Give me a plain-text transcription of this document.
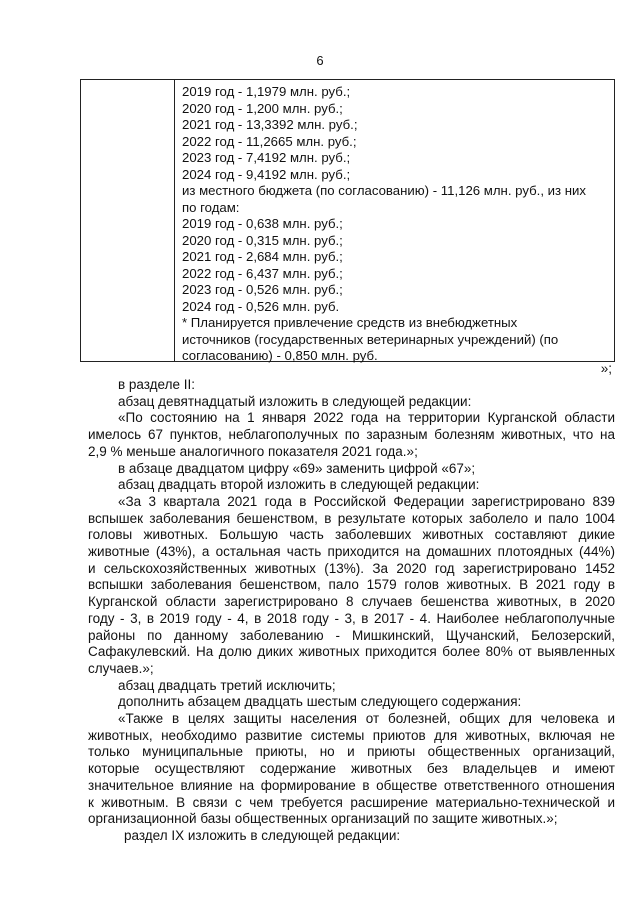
6
2019 год - 1,1979 млн. руб.;
2020 год - 1,200 млн. руб.;
2021 год - 13,3392 млн. руб.;
2022 год - 11,2665 млн. руб.;
2023 год - 7,4192 млн. руб.;
2024 год - 9,4192 млн. руб.;
из местного бюджета (по согласованию) - 11,126 млн. руб., из них
по годам:
2019 год - 0,638 млн. руб.;
2020 год - 0,315 млн. руб.;
2021 год - 2,684 млн. руб.;
2022 год - 6,437 млн. руб.;
2023 год - 0,526 млн. руб.;
2024 год - 0,526 млн. руб.
* Планируется привлечение средств из внебюджетных
источников (государственных ветеринарных учреждений) (по
согласованию) - 0,850 млн. руб.
»;
в разделе II:
абзац девятнадцатый изложить в следующей редакции:
«По состоянию на 1 января 2022 года на территории Курганской области
имелось 67 пунктов, неблагополучных по заразным болезням животных, что на
2,9 % меньше аналогичного показателя 2021 года.»;
в абзаце двадцатом цифру «69» заменить цифрой «67»;
абзац двадцать второй изложить в следующей редакции:
«За 3 квартала 2021 года в Российской Федерации зарегистрировано 839
вспышек заболевания бешенством, в результате которых заболело и пало 1004
головы животных. Большую часть заболевших животных составляют дикие
животные (43%), а остальная часть приходится на домашних плотоядных (44%)
и сельскохозяйственных животных (13%). За 2020 год зарегистрировано 1452
вспышки заболевания бешенством, пало 1579 голов животных. В 2021 году в
Курганской области зарегистрировано 8 случаев бешенства животных, в 2020
году - 3, в 2019 году - 4, в 2018 году - 3, в 2017 - 4. Наиболее неблагополучные
районы по данному заболеванию - Мишкинский, Щучанский, Белозерский,
Сафакулевский. На долю диких животных приходится более 80% от выявленных
случаев.»;
абзац двадцать третий исключить;
дополнить абзацем двадцать шестым следующего содержания:
«Также в целях защиты населения от болезней, общих для человека и
животных, необходимо развитие системы приютов для животных, включая не
только муниципальные приюты, но и приюты общественных организаций,
которые осуществляют содержание животных без владельцев и имеют
значительное влияние на формирование в обществе ответственного отношения
к животным. В связи с чем требуется расширение материально-технической и
организационной базы общественных организаций по защите животных.»;
раздел IX изложить в следующей редакции:
